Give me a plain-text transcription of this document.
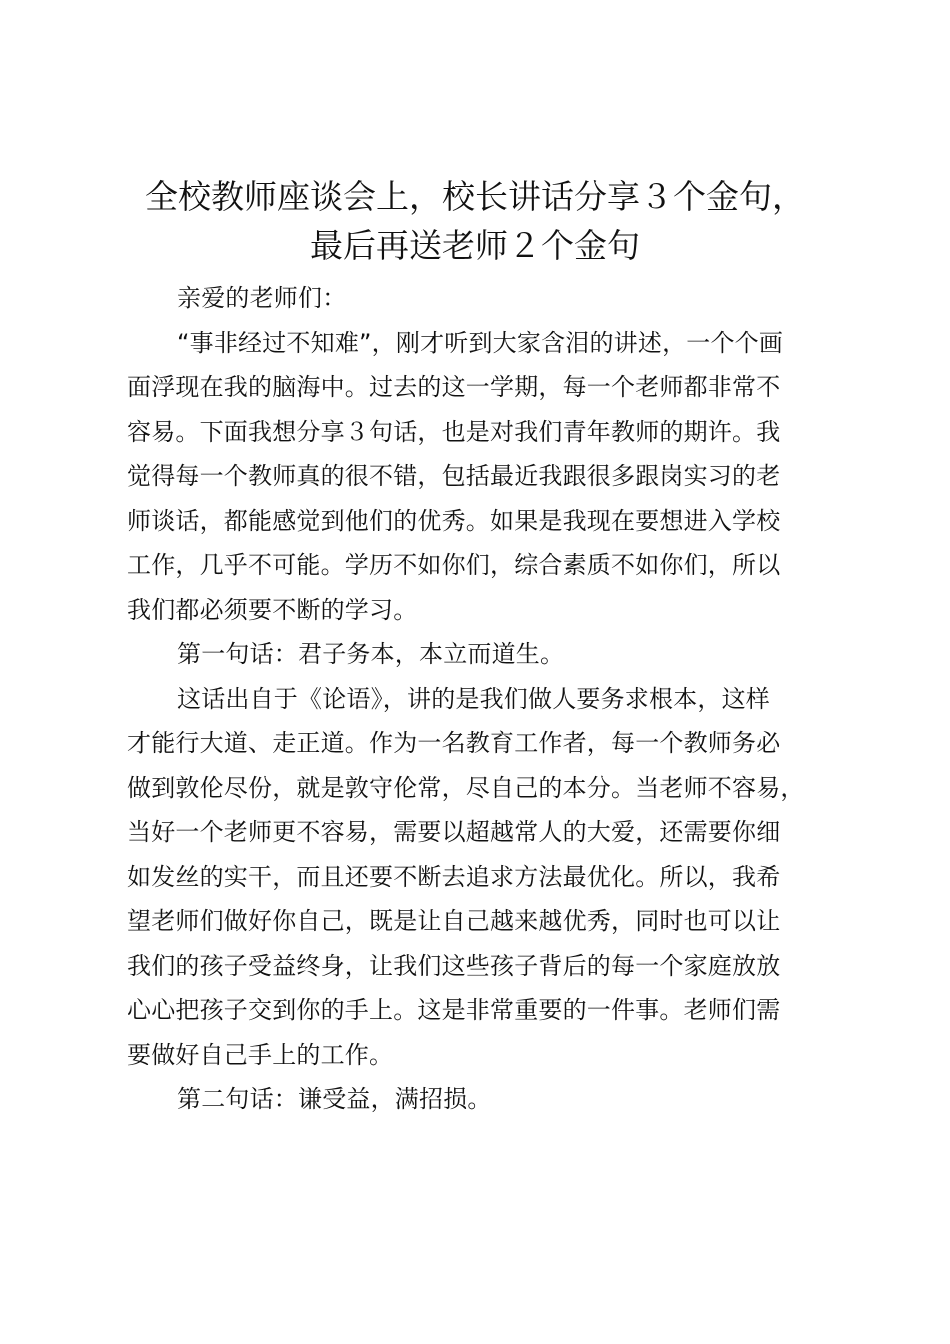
全校教师座谈会上，校长讲话分享３个金句，
最后再送老师２个金句
亲爱的老师们：
“事非经过不知难”，刚才听到大家含泪的讲述，一个个画
面浮现在我的脑海中。过去的这一学期，每一个老师都非常不
容易。下面我想分享３句话，也是对我们青年教师的期许。我
觉得每一个教师真的很不错，包括最近我跟很多跟岗实习的老
师谈话，都能感觉到他们的优秀。如果是我现在要想进入学校
工作，几乎不可能。学历不如你们，综合素质不如你们，所以
我们都必须要不断的学习。
第一句话：君子务本，本立而道生。
这话出自于《论语》，讲的是我们做人要务求根本，这样
才能行大道、走正道。作为一名教育工作者，每一个教师务必
做到敦伦尽份，就是敦守伦常，尽自己的本分。当老师不容易，
当好一个老师更不容易，需要以超越常人的大爱，还需要你细
如发丝的实干，而且还要不断去追求方法最优化。所以，我希
望老师们做好你自己，既是让自己越来越优秀，同时也可以让
我们的孩子受益终身，让我们这些孩子背后的每一个家庭放放
心心把孩子交到你的手上。这是非常重要的一件事。老师们需
要做好自己手上的工作。
第二句话：谦受益，满招损。
